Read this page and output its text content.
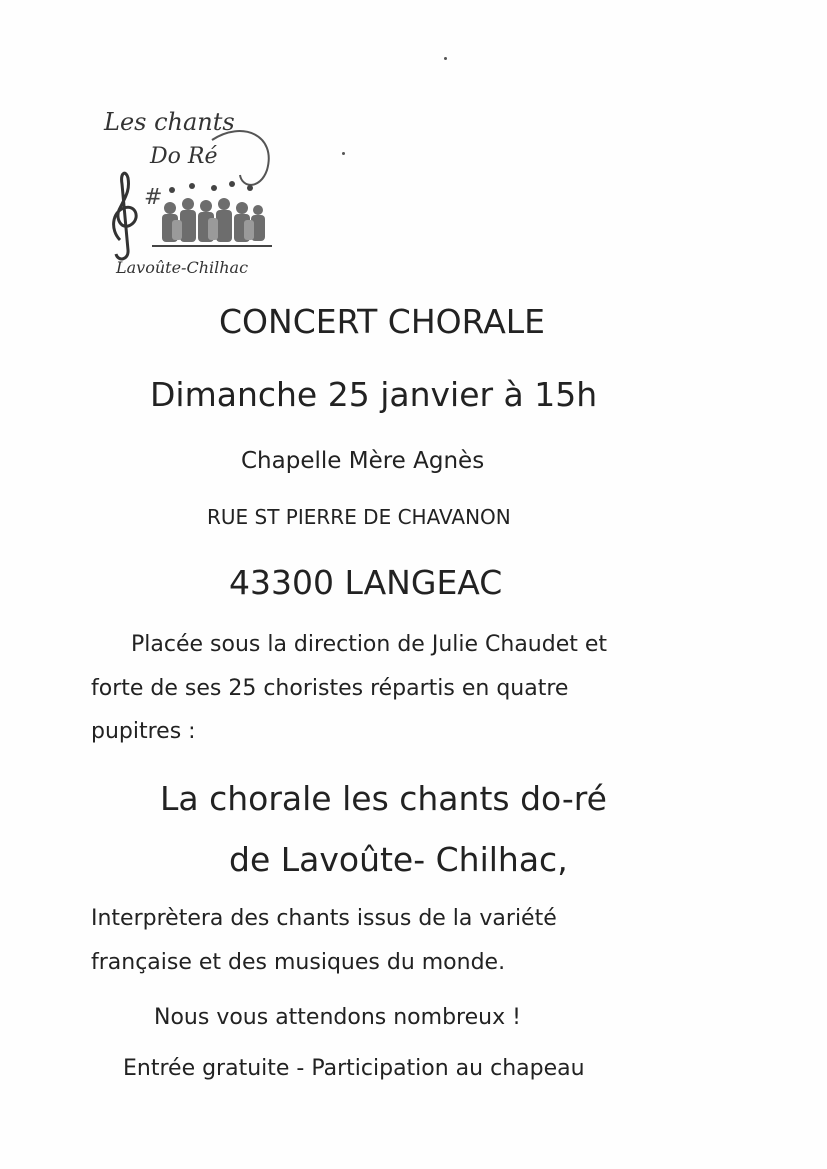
#
Les chants
Do Ré
Lavoûte-Chilhac
CONCERT CHORALE
Dimanche 25 janvier à 15h
Chapelle Mère Agnès
RUE ST PIERRE DE CHAVANON
43300 LANGEAC
Placée sous la direction de Julie Chaudet et
forte de ses 25 choristes répartis en quatre
pupitres :
La chorale les chants do-ré
de Lavoûte- Chilhac,
Interprètera des chants issus de la variété
française et des musiques du monde.
Nous vous attendons nombreux !
Entrée gratuite - Participation au chapeau
